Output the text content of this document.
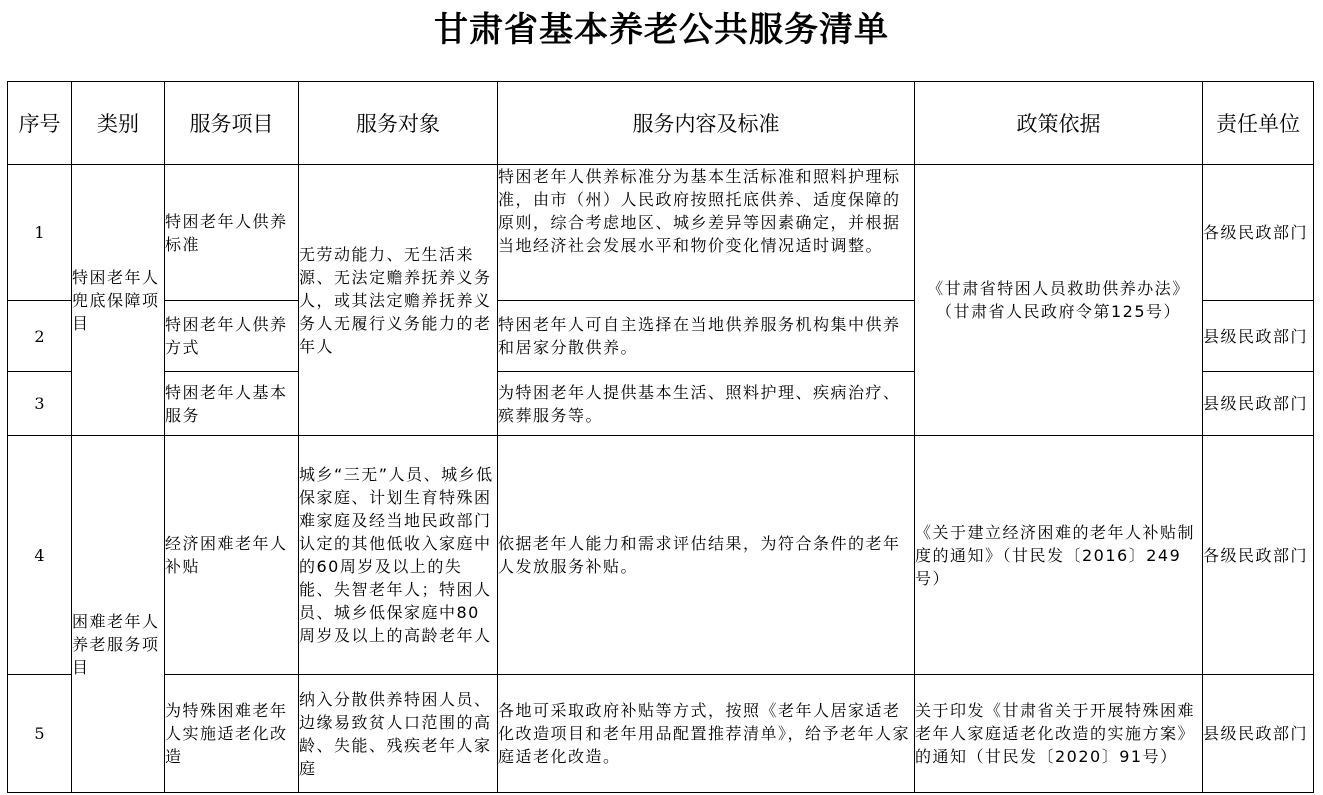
甘肃省基本养老公共服务清单
序号	类别	服务项目	服务对象	服务内容及标准	政策依据	责任单位
1	特困老年人兜底保障项目	特困老年人供养标准	无劳动能力、无生活来源、无法定赡养抚养义务人，或其法定赡养抚养义务人无履行义务能力的老年人	特困老年人供养标准分为基本生活标准和照料护理标准，由市（州）人民政府按照托底供养、适度保障的原则，综合考虑地区、城乡差异等因素确定，并根据当地经济社会发展水平和物价变化情况适时调整。	《甘肃省特困人员救助供养办法》（甘肃省人民政府令第125号）	各级民政部门
2		特困老年人供养方式		特困老年人可自主选择在当地供养服务机构集中供养和居家分散供养。		县级民政部门
3		特困老年人基本服务		为特困老年人提供基本生活、照料护理、疾病治疗、殡葬服务等。		县级民政部门
4	困难老年人养老服务项目	经济困难老年人补贴	城乡“三无”人员、城乡低保家庭、计划生育特殊困难家庭及经当地民政部门认定的其他低收入家庭中的60周岁及以上的失能、失智老年人；特困人员、城乡低保家庭中80周岁及以上的高龄老年人	依据老年人能力和需求评估结果，为符合条件的老年人发放服务补贴。	《关于建立经济困难的老年人补贴制度的通知》（甘民发〔2016〕249号）	各级民政部门
5		为特殊困难老年人实施适老化改造	纳入分散供养特困人员、边缘易致贫人口范围的高龄、失能、残疾老年人家庭	各地可采取政府补贴等方式，按照《老年人居家适老化改造项目和老年用品配置推荐清单》，给予老年人家庭适老化改造。	关于印发《甘肃省关于开展特殊困难老年人家庭适老化改造的实施方案》的通知（甘民发〔2020〕91号）	县级民政部门
